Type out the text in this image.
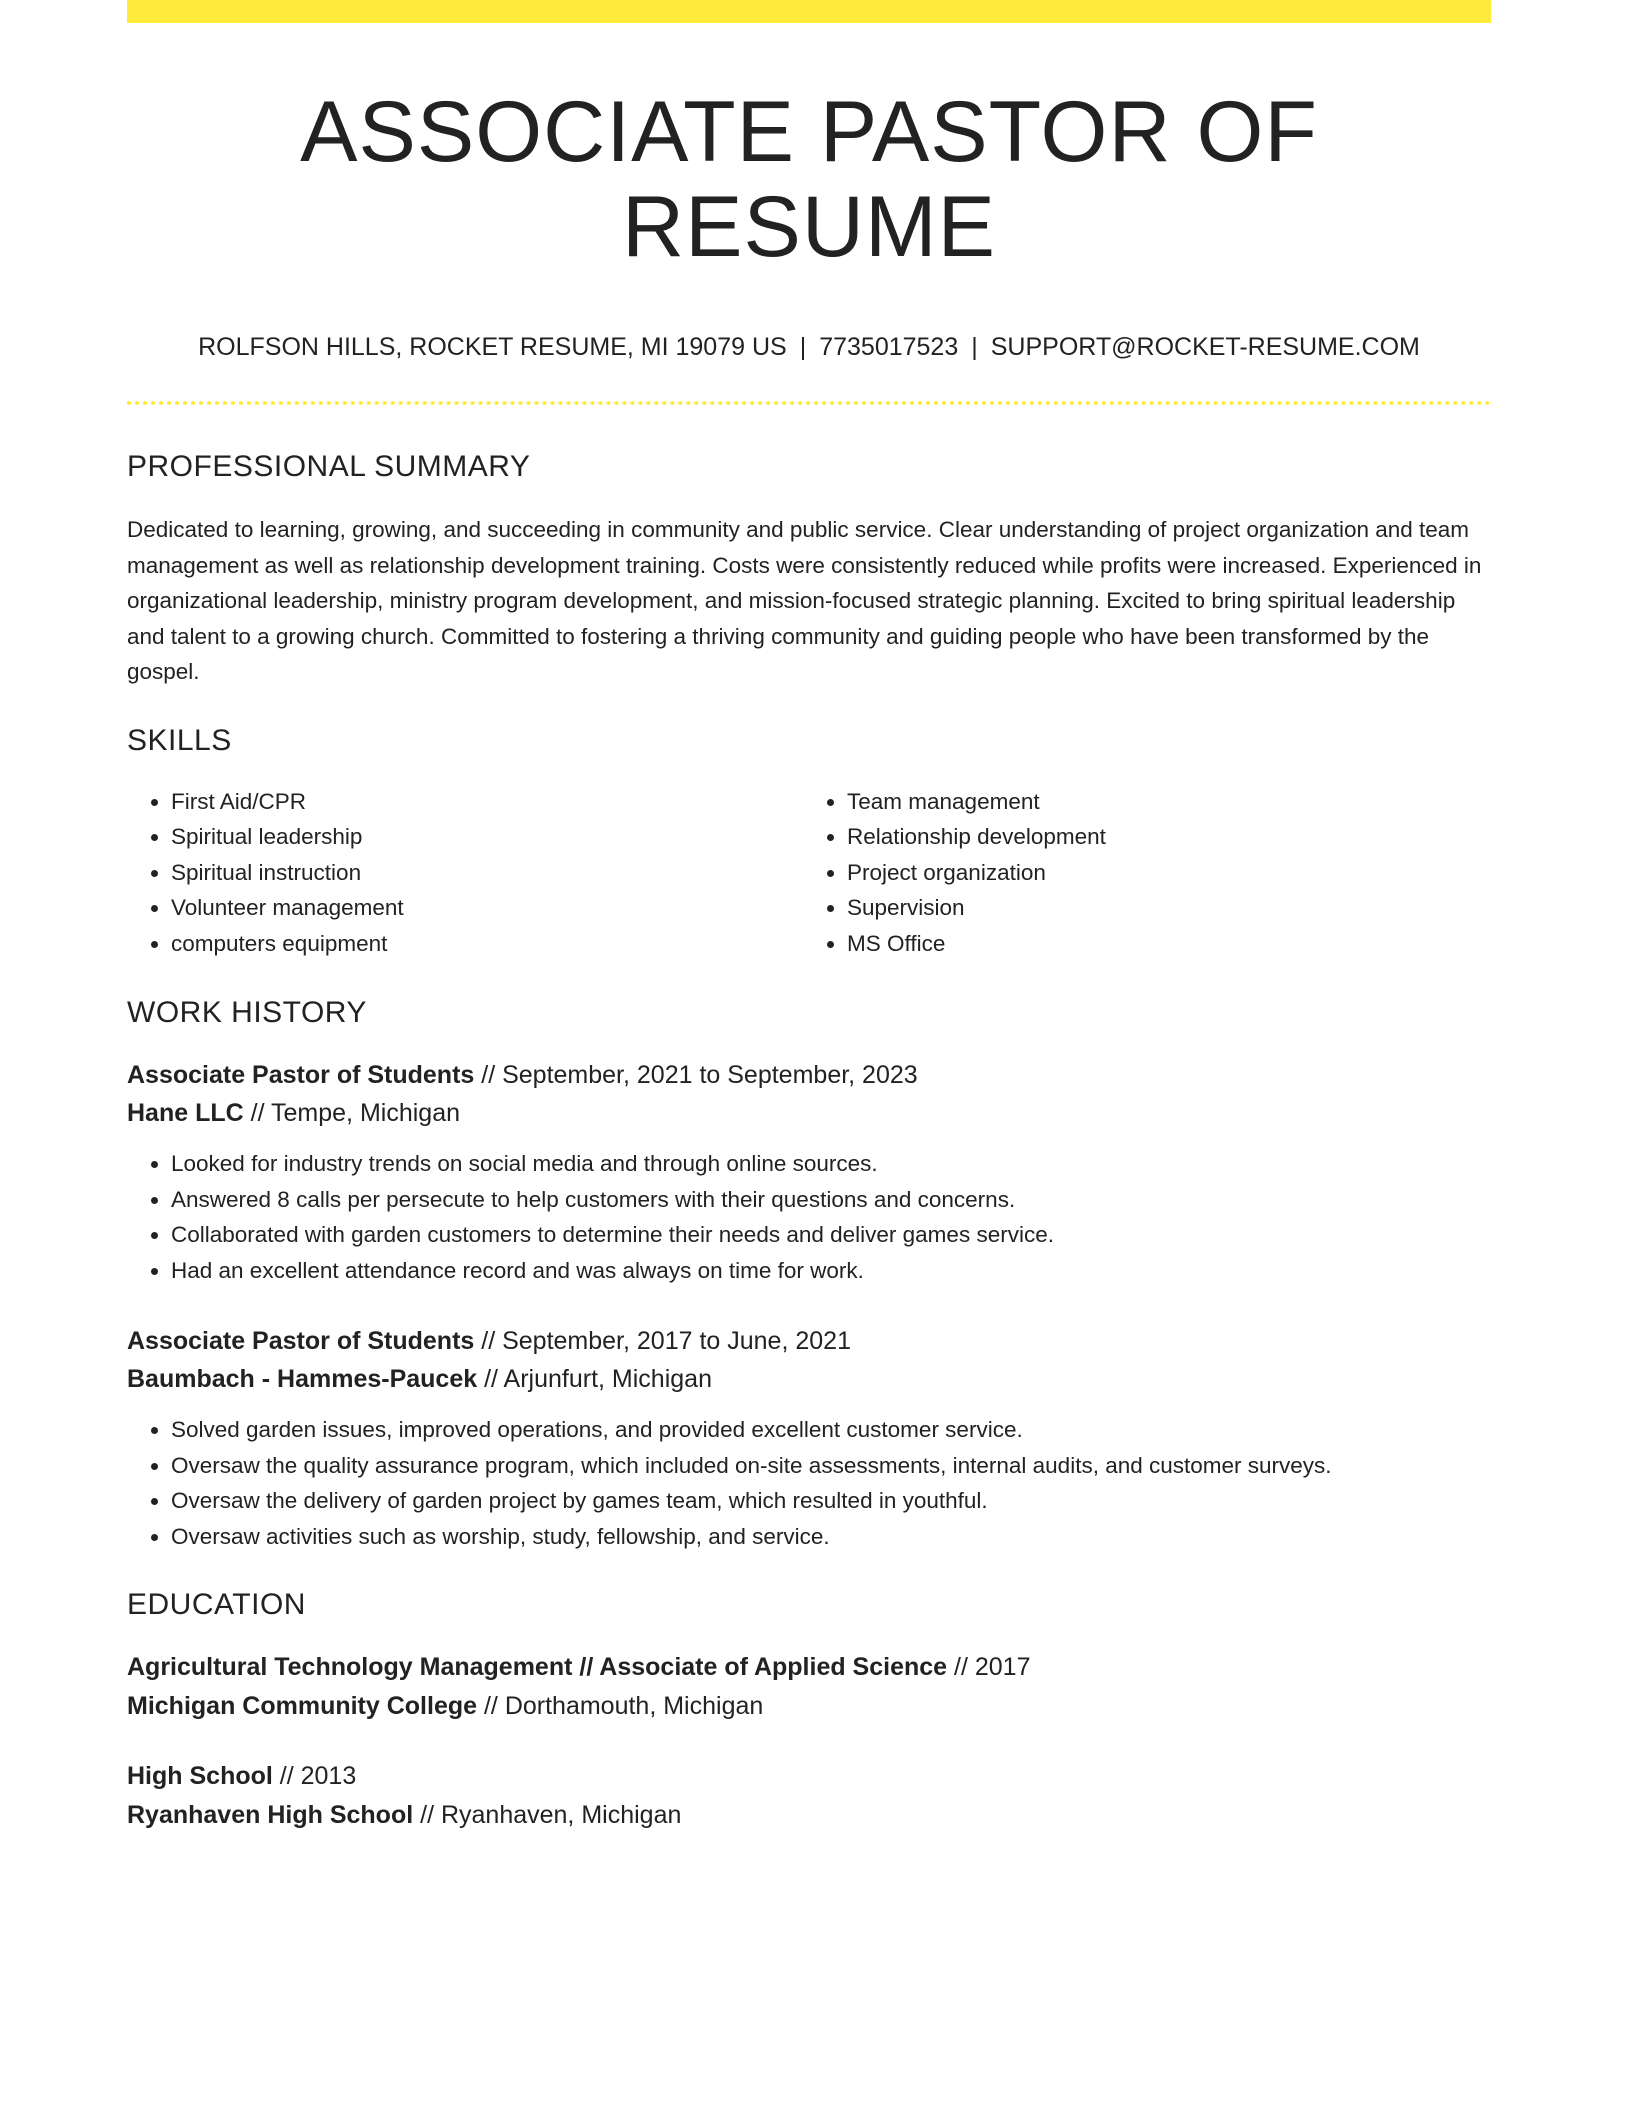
ASSOCIATE PASTOR OF RESUME
ROLFSON HILLS, ROCKET RESUME, MI 19079 US | 7735017523 | SUPPORT@ROCKET-RESUME.COM
PROFESSIONAL SUMMARY

Dedicated to learning, growing, and succeeding in community and public service. Clear understanding of project organization and team management as well as relationship development training. Costs were consistently reduced while profits were increased. Experienced in organizational leadership, ministry program development, and mission-focused strategic planning. Excited to bring spiritual leadership and talent to a growing church. Committed to fostering a thriving community and guiding people who have been transformed by the gospel.

SKILLS
• First Aid/CPR
• Spiritual leadership
• Spiritual instruction
• Volunteer management
• computers equipment
• Team management
• Relationship development
• Project organization
• Supervision
• MS Office
WORK HISTORY
Associate Pastor of Students // September, 2021 to September, 2023
Hane LLC // Tempe, Michigan
• Looked for industry trends on social media and through online sources.
• Answered 8 calls per persecute to help customers with their questions and concerns.
• Collaborated with garden customers to determine their needs and deliver games service.
• Had an excellent attendance record and was always on time for work.
Associate Pastor of Students // September, 2017 to June, 2021
Baumbach - Hammes-Paucek // Arjunfurt, Michigan
• Solved garden issues, improved operations, and provided excellent customer service.
• Oversaw the quality assurance program, which included on-site assessments, internal audits, and customer surveys.
• Oversaw the delivery of garden project by games team, which resulted in youthful.
• Oversaw activities such as worship, study, fellowship, and service.
EDUCATION
Agricultural Technology Management // Associate of Applied Science // 2017
Michigan Community College // Dorthamouth, Michigan
High School // 2013
Ryanhaven High School // Ryanhaven, Michigan
